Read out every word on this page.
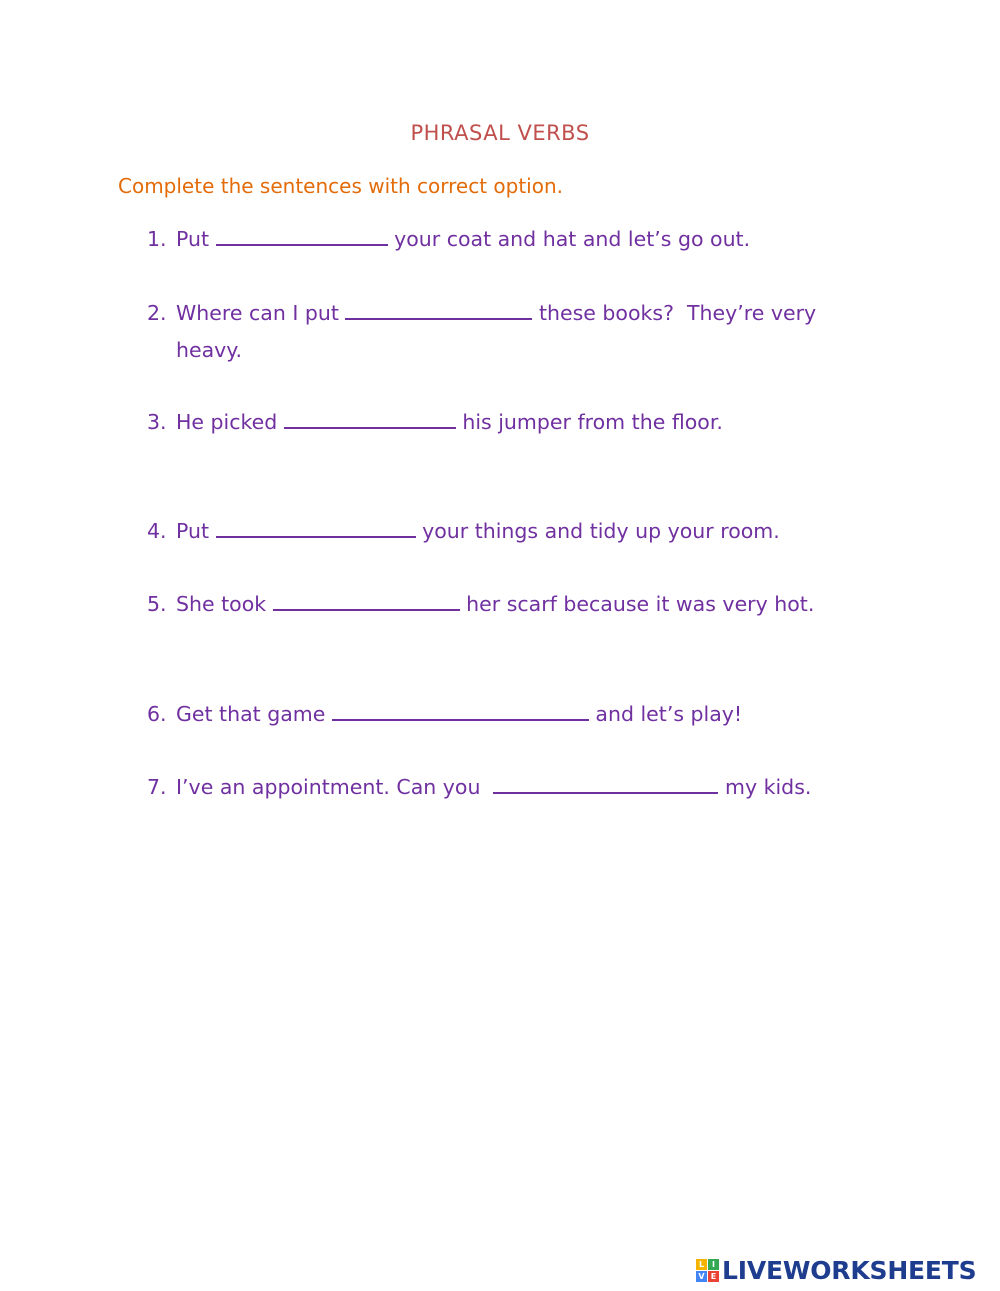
PHRASAL VERBS
Complete the sentences with correct option.
1. Put	your coat and hat and let’s go out.
2. Where can I put	these books?  They’re very heavy.
3. He picked	his jumper from the floor.
4. Put	your things and tidy up your room.
5. She took	her scarf because it was very hot.
6. Get that game	and let’s play!
7. I’ve an appointment. Can you	my kids.
L I
V E LIVEWORKSHEETS
